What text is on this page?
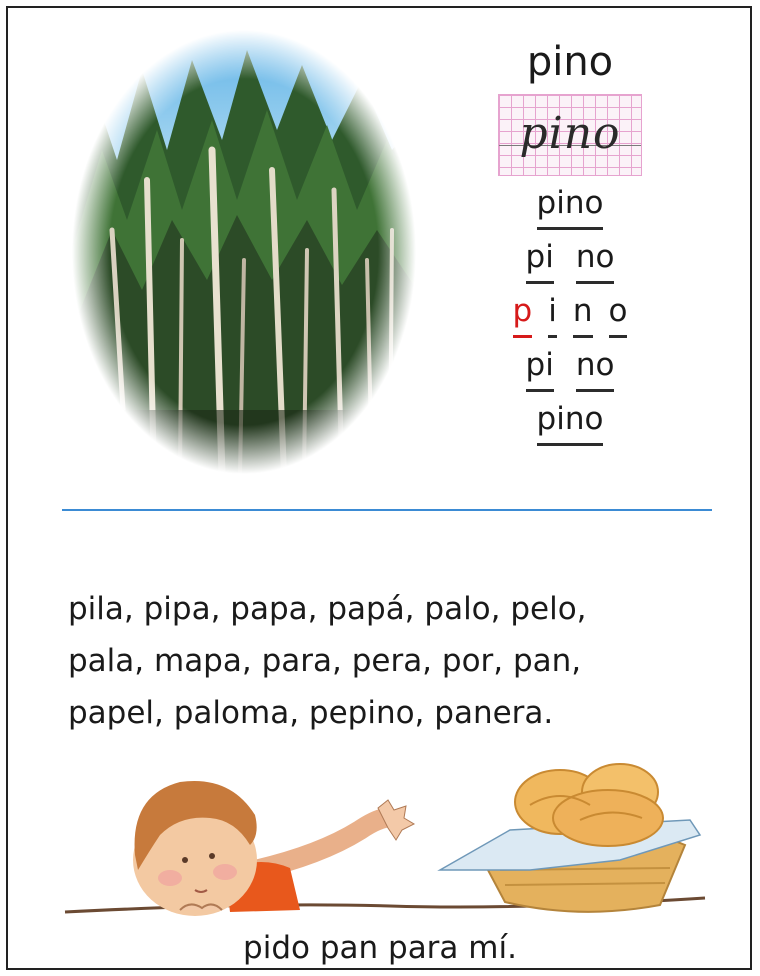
pino
pino
pino
pi no
p i n o
pi no
pino

pila, pipa, papa, papá, palo, pelo,

pala, mapa, para, pera, por, pan,

papel, paloma, pepino, panera.

pido pan para mí.
